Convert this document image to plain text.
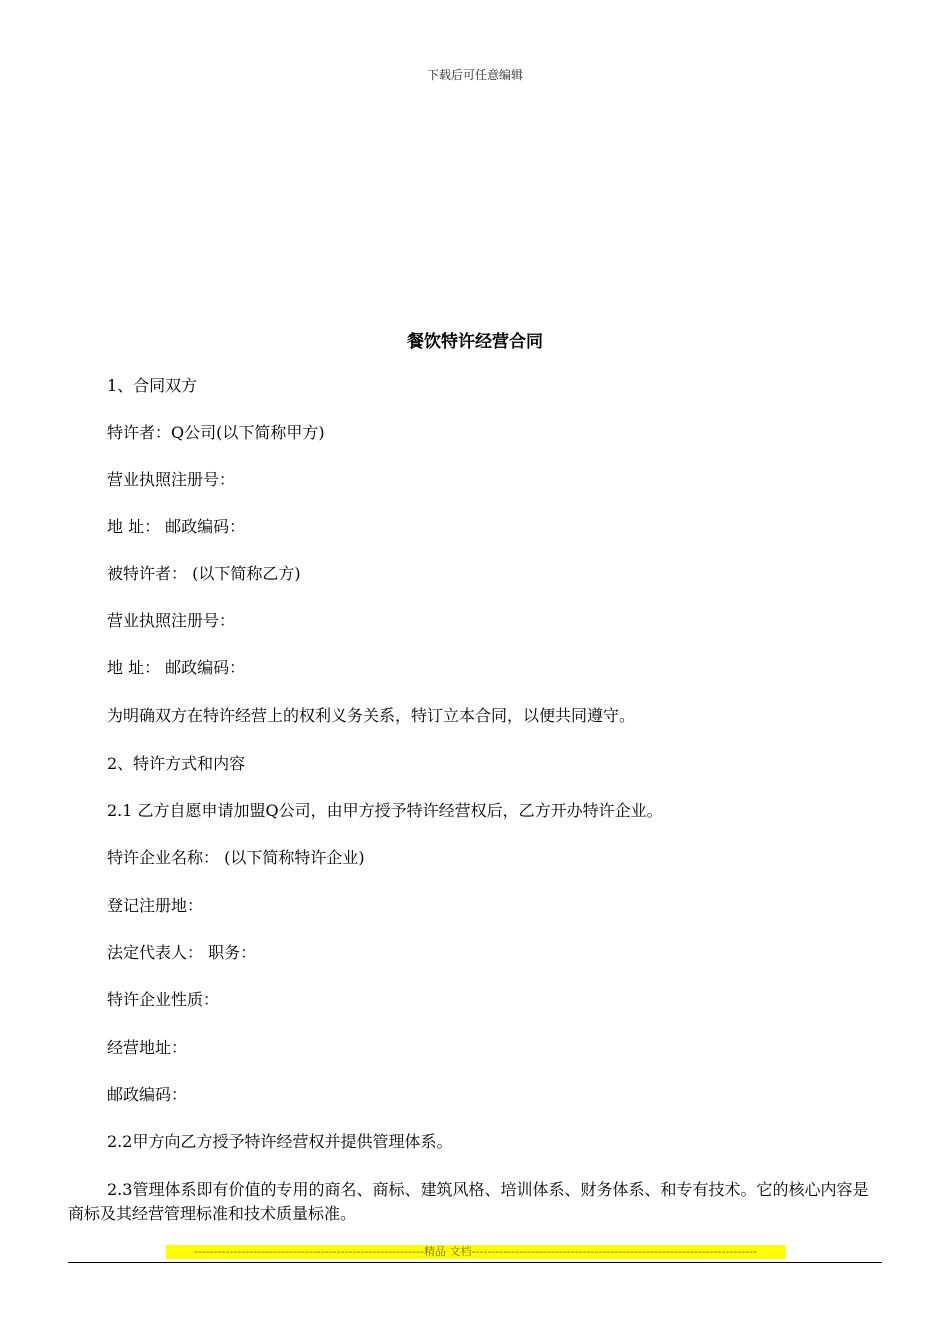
下载后可任意编辑
餐饮特许经营合同
1、合同双方
特许者：Q公司(以下简称甲方)
营业执照注册号：
地 址： 邮政编码：
被特许者： (以下简称乙方)
营业执照注册号：
地 址： 邮政编码：
为明确双方在特许经营上的权利义务关系，特订立本合同，以便共同遵守。
2、特许方式和内容
2.1 乙方自愿申请加盟Q公司，由甲方授予特许经营权后，乙方开办特许企业。
特许企业名称： (以下简称特许企业)
登记注册地：
法定代表人： 职务：
特许企业性质：
经营地址：
邮政编码：
2.2甲方向乙方授予特许经营权并提供管理体系。
2.3管理体系即有价值的专用的商名、商标、建筑风格、培训体系、财务体系、和专有技术。它的核心内容是 商标及其经营管理标准和技术质量标准。
----------------------------------------------------------精品 文档------------------------------------------------------------------------
